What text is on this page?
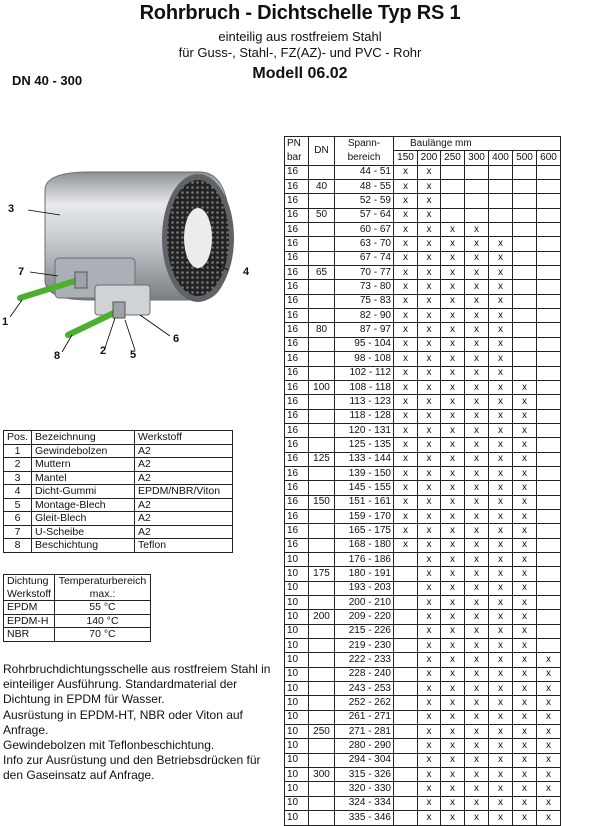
Rohrbruch - Dichtschelle Typ RS 1
einteilig aus rostfreiem Stahl
für Guss-, Stahl-, FZ(AZ)- und PVC - Rohr
Modell 06.02
DN 40 - 300
3
4
7
1
8	2 5
6
PN	DN	Spann-	Baulänge mm						
bar		bereich	150	200	250	300	400	500	600
16		44 - 51	x	x					
16	40	48 - 55	x	x					
16		52 - 59	x	x					
16	50	57 - 64	x	x					
16		60 - 67	x	x	x	x			
16		63 - 70	x	x	x	x	x		
16		67 - 74	x	x	x	x	x		
16	65	70 - 77	x	x	x	x	x		
16		73 - 80	x	x	x	x	x		
16		75 - 83	x	x	x	x	x		
16		82 - 90	x	x	x	x	x		
16	80	87 - 97	x	x	x	x	x		
16		95 - 104	x	x	x	x	x		
16		98 - 108	x	x	x	x	x		
16		102 - 112	x	x	x	x	x		
16	100	108 - 118	x	x	x	x	x	x	
16		113 - 123	x	x	x	x	x	x	
16		118 - 128	x	x	x	x	x	x	
16		120 - 131	x	x	x	x	x	x	
16		125 - 135	x	x	x	x	x	x	
16	125	133 - 144	x	x	x	x	x	x	
16		139 - 150	x	x	x	x	x	x	
16		145 - 155	x	x	x	x	x	x	
16	150	151 - 161	x	x	x	x	x	x	
16		159 - 170	x	x	x	x	x	x	
16		165 - 175	x	x	x	x	x	x	
16		168 - 180	x	x	x	x	x	x	
10		176 - 186		x	x	x	x	x	
10	175	180 - 191		x	x	x	x	x	
10		193 - 203		x	x	x	x	x	
10		200 - 210		x	x	x	x	x	
10	200	209 - 220		x	x	x	x	x	
10		215 - 226		x	x	x	x	x	
10		219 - 230		x	x	x	x	x	
10		222 - 233		x	x	x	x	x	x
10		228 - 240		x	x	x	x	x	x
10		243 - 253		x	x	x	x	x	x
10		252 - 262		x	x	x	x	x	x
10		261 - 271		x	x	x	x	x	x
10	250	271 - 281		x	x	x	x	x	x
10		280 - 290		x	x	x	x	x	x
10		294 - 304		x	x	x	x	x	x
10	300	315 - 326		x	x	x	x	x	x
10		320 - 330		x	x	x	x	x	x
10		324 - 334		x	x	x	x	x	x
10		335 - 346		x	x	x	x	x	x
Pos.	Bezeichnung	Werkstoff
1	Gewindebolzen	A2
2	Muttern	A2
3	Mantel	A2
4	Dicht-Gummi	EPDM/NBR/Viton
5	Montage-Blech	A2
6	Gleit-Blech	A2
7	U-Scheibe	A2
8	Beschichtung	Teflon
Dichtung	Temperaturbereich
Werkstoff	max.:
EPDM	55 °C
EPDM-H	140 °C
NBR	70 °C

Rohrbruchdichtungsschelle aus rostfreiem Stahl in einteiliger Ausführung. Standardmaterial der Dichtung in EPDM für Wasser.

Ausrüstung in EPDM-HT, NBR oder Viton auf Anfrage.

Gewindebolzen mit Teflonbeschichtung.

Info zur Ausrüstung und den Betriebsdrücken für den Gaseinsatz auf Anfrage.
